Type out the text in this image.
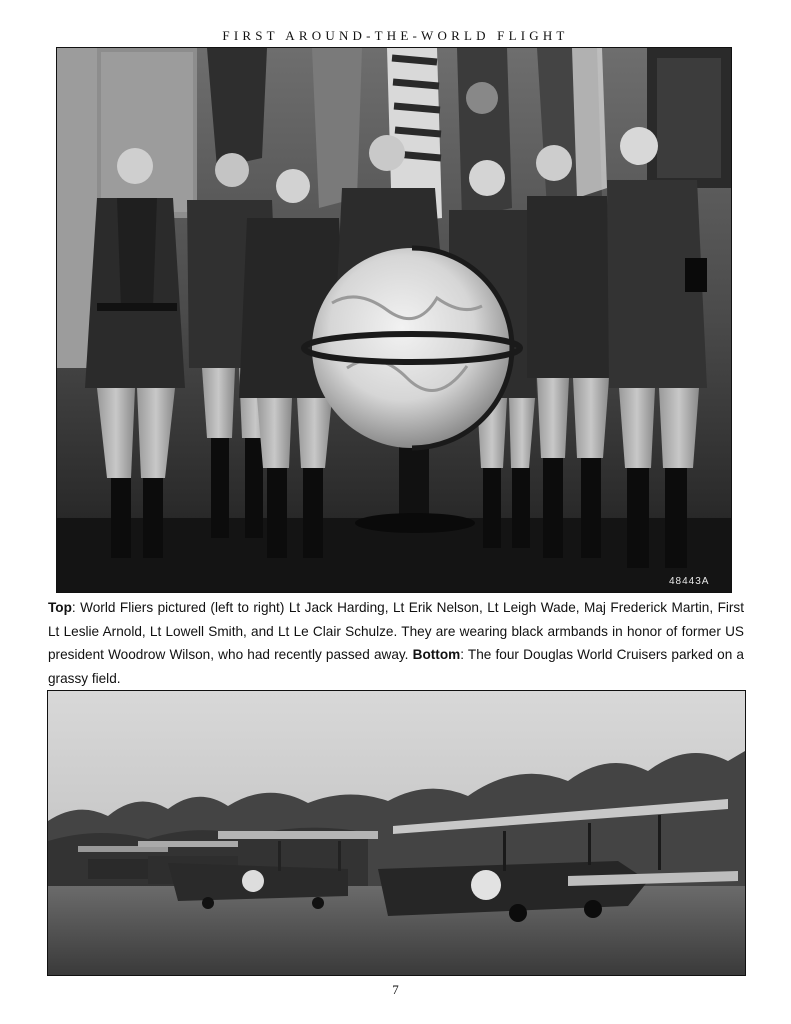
FIRST AROUND-THE-WORLD FLIGHT
48443A
Top: World Fliers pictured (left to right) Lt Jack Harding, Lt Erik Nelson, Lt Leigh Wade, Maj Frederick Martin, First Lt Leslie Arnold, Lt Lowell Smith, and Lt Le Clair Schulze. They are wearing black armbands in honor of former US president Woodrow Wilson, who had recently passed away. Bottom: The four Douglas World Cruisers parked on a grassy field.
7
